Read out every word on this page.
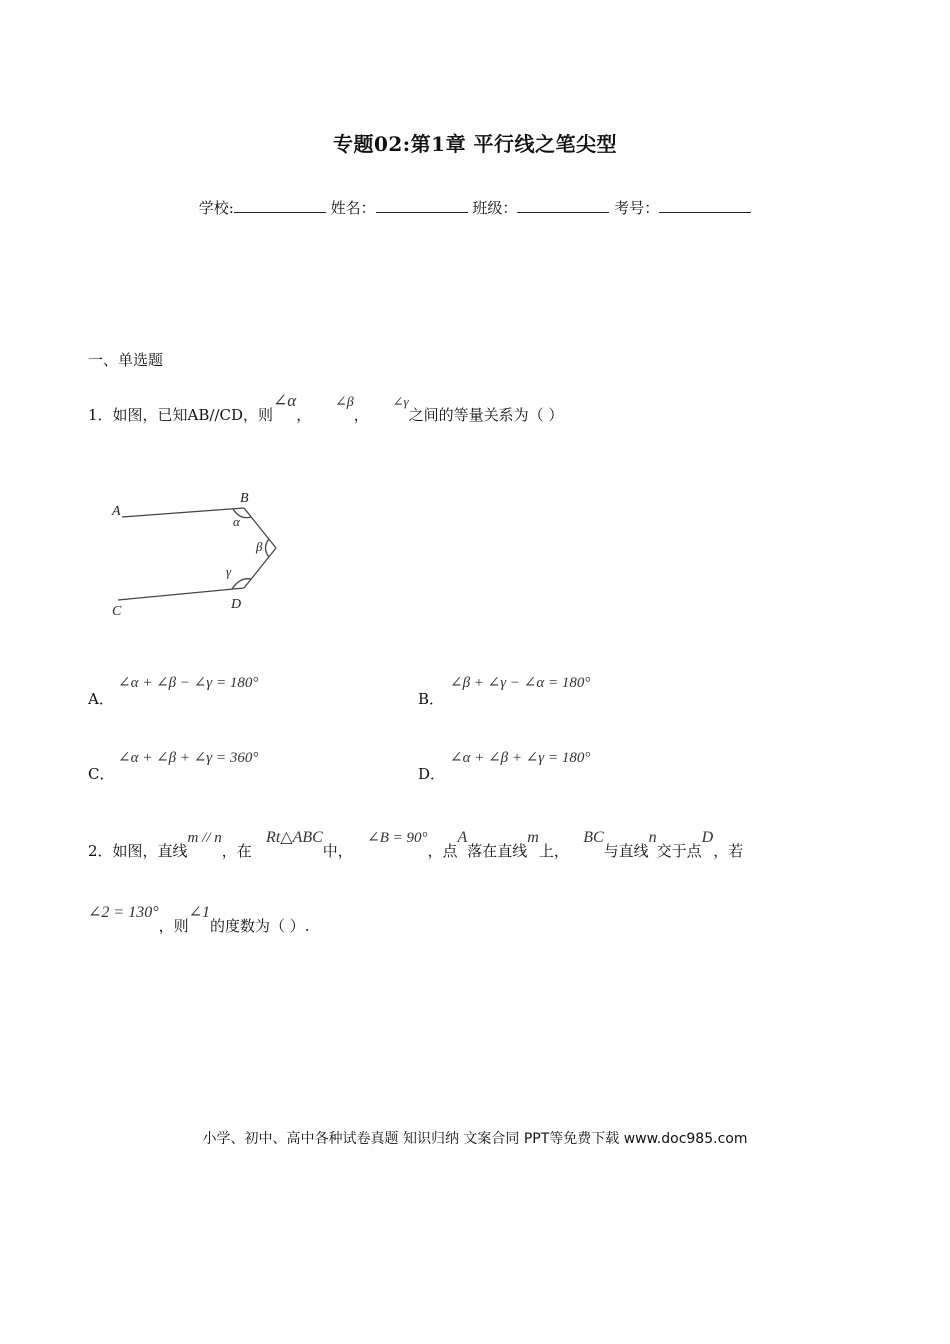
专题02:第1章 平行线之笔尖型
学校:	姓名：	班级：	考号：
一、单选题
1．如图，已知AB//CD，则∠α，     ∠β，     ∠γ之间的等量关系为（ ）
A
B
C	D
α
β
γ
A．
∠α + ∠β − ∠γ = 180°
B．
∠β + ∠γ − ∠α = 180°
C．
∠α + ∠β + ∠γ = 360°
D．
∠α + ∠β + ∠γ = 180°
2．如图，直线m // n，在   Rt△ABC中，   ∠B = 90°，点A落在直线m上，   BC与直线n交于点D，若
∠2 = 130°，则∠1的度数为（ ）.
小学、初中、高中各种试卷真题 知识归纳 文案合同 PPT等免费下载 www.doc985.com
